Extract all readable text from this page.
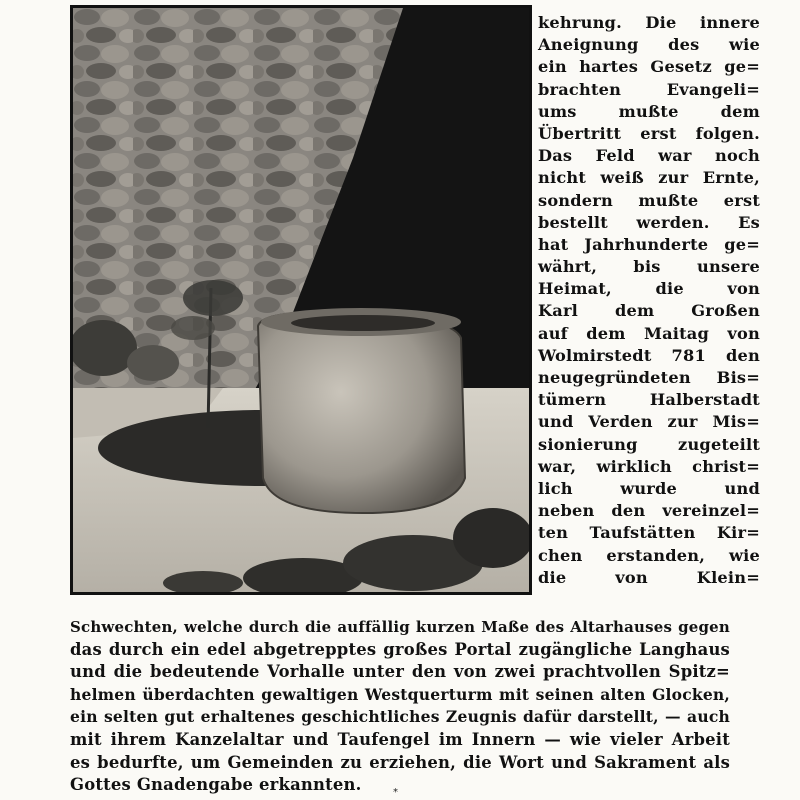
kehrung. Die innere
Aneignung des wie
ein hartes Gesetz ge=
brachten Evangeli=
ums mußte dem
Übertritt erst folgen.
Das Feld war noch
nicht weiß zur Ernte,
sondern mußte erst
bestellt werden. Es
hat Jahrhunderte ge=
währt, bis unsere
Heimat, die von
Karl dem Großen
auf dem Maitag von
Wolmirstedt 781 den
neugegründeten Bis=
tümern Halberstadt
und Verden zur Mis=
sionierung zugeteilt
war, wirklich christ=
lich wurde und
neben den vereinzel=
ten Taufstätten Kir=
chen erstanden, wie
die von Klein=
Schwechten, welche durch die auffällig kurzen Maße des Altarhauses gegen
das durch ein edel abgetrepptes großes Portal zugängliche Langhaus
und die bedeutende Vorhalle unter den von zwei prachtvollen Spitz=
helmen überdachten gewaltigen Westquerturm mit seinen alten Glocken,
ein selten gut erhaltenes geschichtliches Zeugnis dafür darstellt, — auch
mit ihrem Kanzelaltar und Taufengel im Innern — wie vieler Arbeit
es bedurfte, um Gemeinden zu erziehen, die Wort und Sakrament als
Gottes Gnadengabe erkannten.	*
